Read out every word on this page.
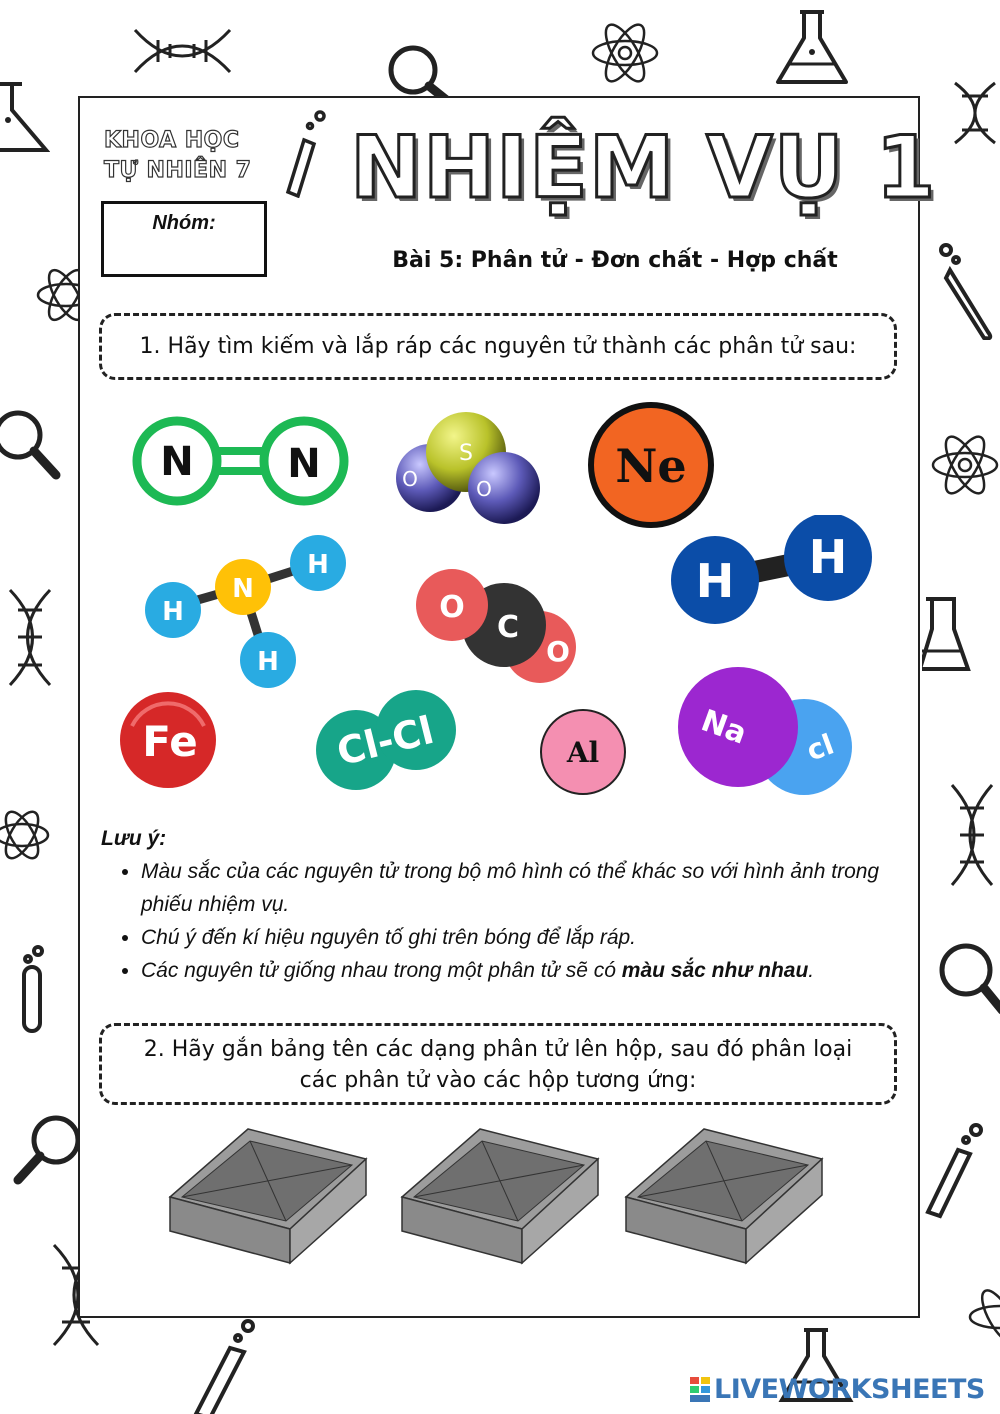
KHOA HỌC
TỰ NHIÊN 7
Nhóm:
NHIỆM VỤ 1
Bài 5: Phân tử - Đơn chất - Hợp chất
1. Hãy tìm kiếm và lắp ráp các nguyên tử thành các phân tử sau:
N N	S
O	O	Ne
N
H
H
H
O
C
O
H H
Fe	Cl-Cl	Al
Na cl
Lưu ý:
• Màu sắc của các nguyên tử trong bộ mô hình có thể khác so với hình ảnh trong phiếu nhiệm vụ.
• Chú ý đến kí hiệu nguyên tố ghi trên bóng để lắp ráp.
• Các nguyên tử giống nhau trong một phân tử sẽ có màu sắc như nhau.
2. Hãy gắn bảng tên các dạng phân tử lên hộp, sau đó phân loại
các phân tử vào các hộp tương ứng:
LIVEWORKSHEETS
